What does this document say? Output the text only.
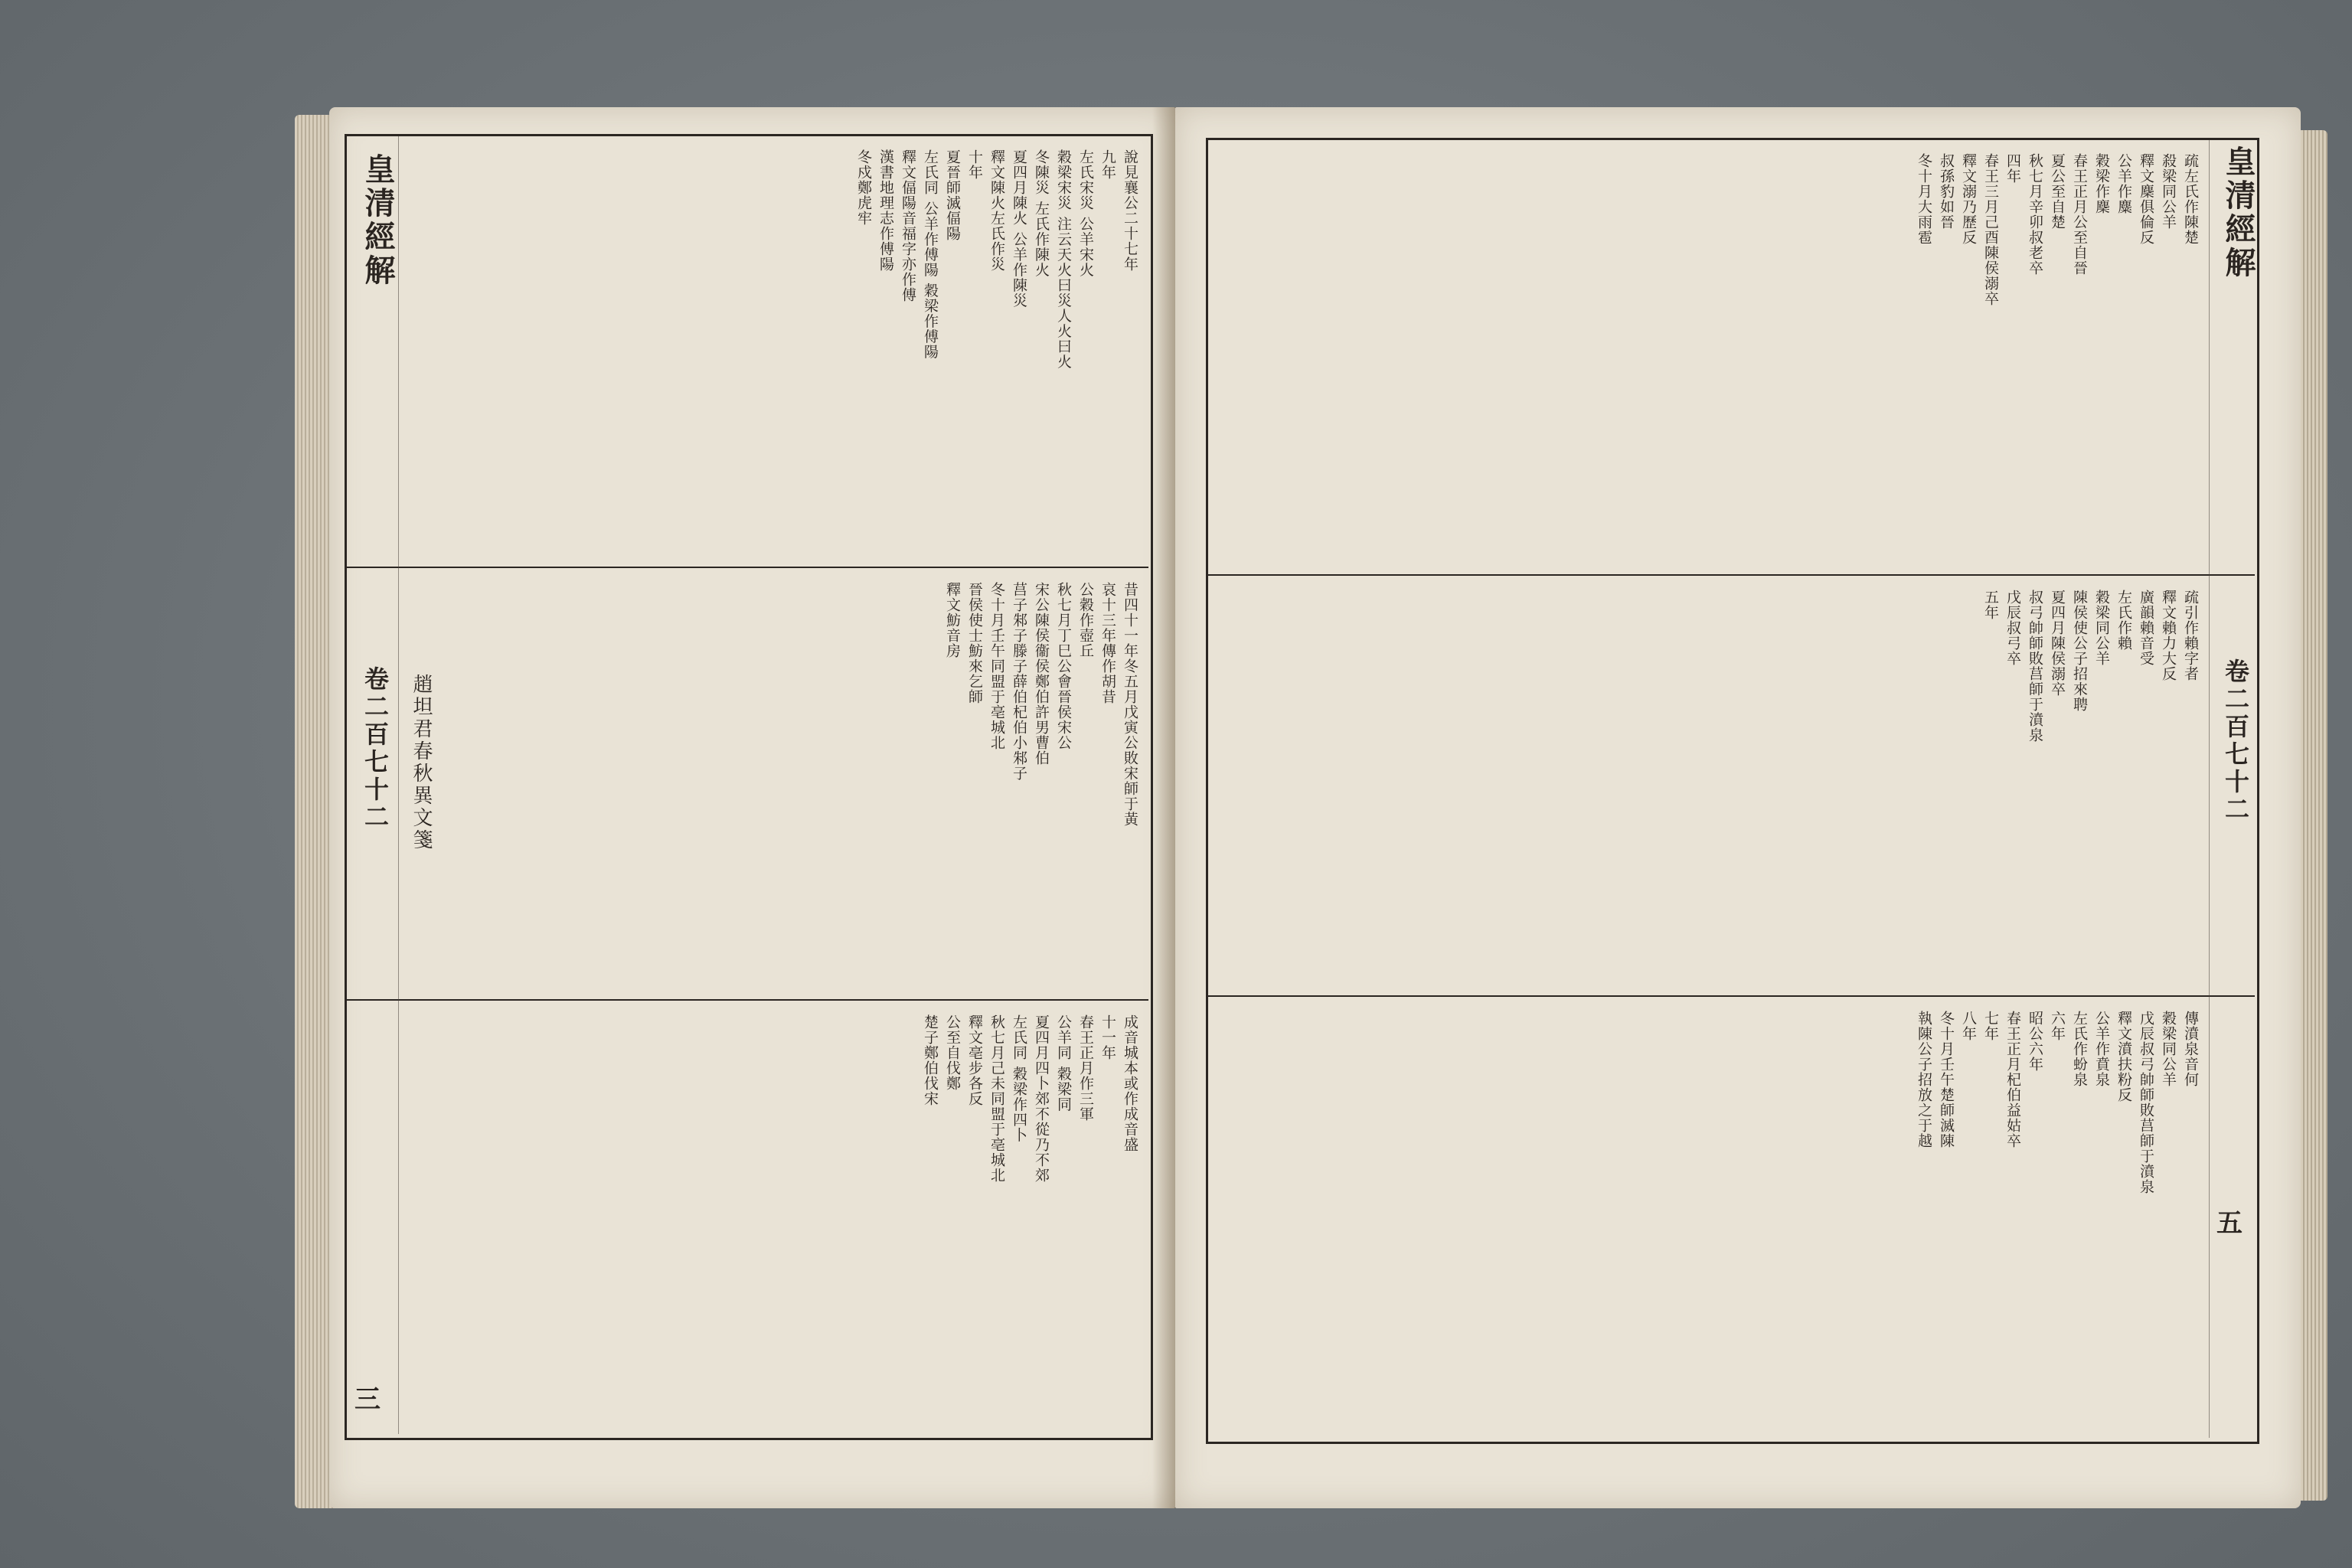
皇清經解
卷二百七十二
三
說見襄公二十七年
九年
左氏宋災 公羊宋火
穀梁宋災 注云天火曰災人火曰火
冬陳災 左氏作陳火
夏四月陳火 公羊作陳災
釋文陳火左氏作災
十年
夏晉師滅偪陽
左氏同 公羊作傅陽 穀梁作傅陽
釋文偪陽音福字亦作傅
漢書地理志作傅陽
冬戍鄭虎牢
昔四十一年冬五月戊寅公敗宋師于黃
哀十三年傳作胡昔
公穀作壺丘
秋七月丁巳公會晉侯宋公
宋公陳侯衞侯鄭伯許男曹伯
莒子邾子滕子薛伯杞伯小邾子
冬十月壬午同盟于亳城北
晉侯使士魴來乞師
釋文魴音房
成音城本或作成音盛
十一年
春王正月作三軍
公羊同 穀梁同
夏四月四卜郊不從乃不郊
左氏同 穀梁作四卜
秋七月己未同盟于亳城北
釋文亳步各反
公至自伐鄭
楚子鄭伯伐宋
趙坦君春秋異文箋
皇清經解
卷二百七十二
五
疏左氏作陳楚
殺梁同公羊
釋文麇俱倫反
公羊作麋
穀梁作麇
春王正月公至自晉
夏公至自楚
秋七月辛卯叔老卒
四年
春王三月己酉陳侯溺卒
釋文溺乃歷反
叔孫豹如晉
冬十月大雨雹
疏引作賴字者
釋文賴力大反
廣韻賴音受
左氏作賴
穀梁同公羊
陳侯使公子招來聘
夏四月陳侯溺卒
叔弓帥師敗莒師于濆泉
戊辰叔弓卒
五年
傳濆泉音何
穀梁同公羊
戊辰叔弓帥師敗莒師于濆泉
釋文濆扶粉反
公羊作賁泉
左氏作蚡泉
六年
昭公六年
春王正月杞伯益姑卒
七年
八年
冬十月壬午楚師滅陳
執陳公子招放之于越
